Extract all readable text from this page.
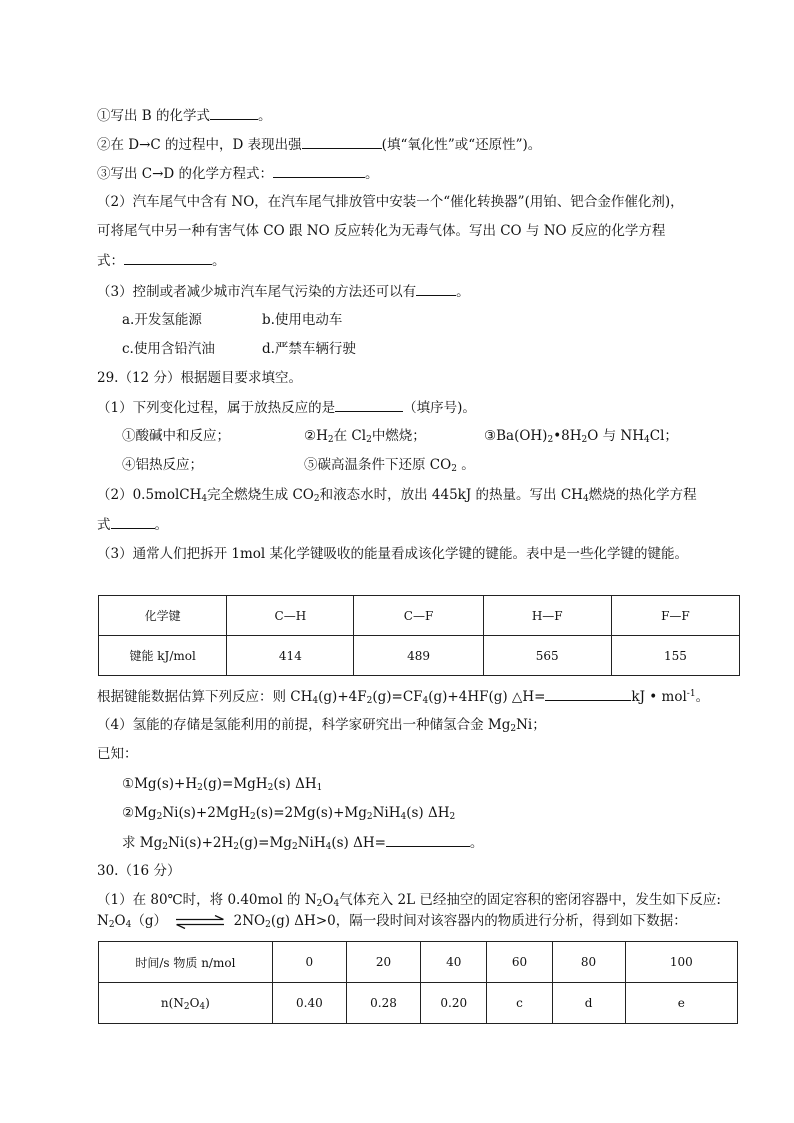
①写出 B 的化学式	。
②在 D→C 的过程中，D 表现出强	(填“氧化性”或“还原性”)。
③写出 C→D 的化学方程式：	。
（2）汽车尾气中含有 NO，在汽车尾气排放管中安装一个“催化转换器”(用铂、钯合金作催化剂)，
可将尾气中另一种有害气体 CO 跟 NO 反应转化为无毒气体。写出 CO 与 NO 反应的化学方程
式：	。
（3）控制或者减少城市汽车尾气污染的方法还可以有	。
a.开发氢能源	b.使用电动车
c.使用含铅汽油	d.严禁车辆行驶
29.（12 分）根据题目要求填空。
（1）下列变化过程，属于放热反应的是	（填序号)。
①酸碱中和反应；	$②H_2$在 $Cl_2$中燃烧；	$③Ba(OH)_2•8H_2O$ 与 $NH_4Cl$；
④铝热反应；	⑤碳高温条件下还原 $CO_2$ 。
（2）0.5molCH$_4$完全燃烧生成 $CO_2$和液态水时，放出 445kJ 的热量。写出 $CH_4$燃烧的热化学方程
式	。
（3）通常人们把拆开 1mol 某化学键吸收的能量看成该化学键的键能。表中是一些化学键的键能。
化学键	C—H	C—F	H—F	F—F
键能 kJ/mol	414	489	565	155
根据键能数据估算下列反应：则 $CH_4(g)+4F_2(g)=CF_4(g)+4HF(g)$ △H=	kJ • mol$^{-1}$。
（4）氢能的存储是氢能利用的前提，科学家研究出一种储氢合金 $Mg_2Ni$；
已知：
$①Mg(s)+H_2(g)=MgH_2(s)$ $\Delta H_1$
$②Mg_2Ni(s)+2MgH_2(s)=2Mg(s)+Mg_2NiH_4(s)$ $\Delta H_2$
求 $Mg_2Ni(s)+2H_2(g)=Mg_2NiH_4(s)$ ΔH=	。
30.（16 分）
（1）在 80℃时，将 0.40mol 的 $N_2O_4$气体充入 2L 已经抽空的固定容积的密闭容器中，发生如下反应:
$N_2O_4(g)$ ⇌ $2NO_2(g)$ ΔH>0，隔一段时间对该容器内的物质进行分析，得到如下数据：
时间/s 物质 n/mol	0	20	40	60	80	100
$n(N_2O_4)$	0.40	0.28	0.20	c	d	e
